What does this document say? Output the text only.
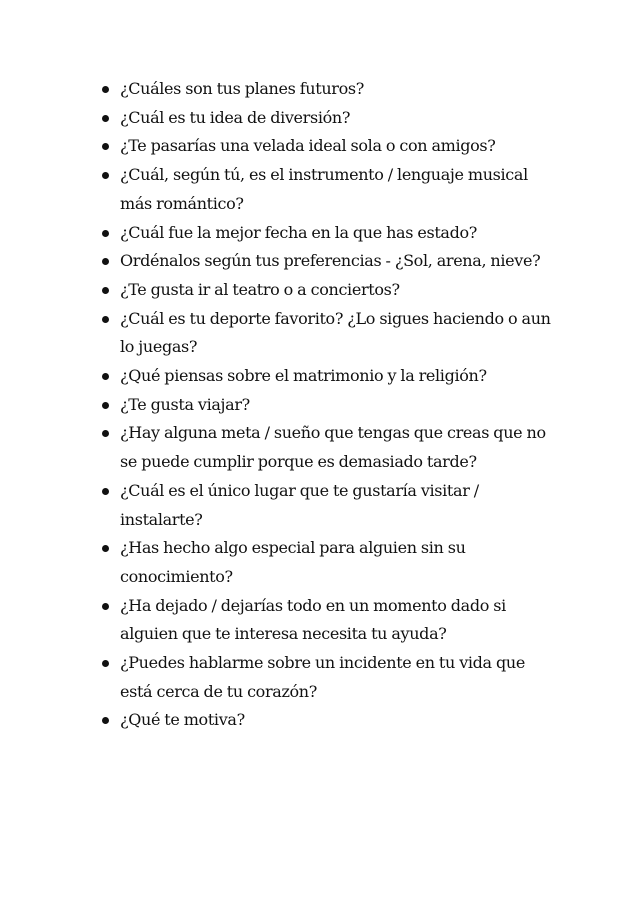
¿Cuáles son tus planes futuros?
¿Cuál es tu idea de diversión?
¿Te pasarías una velada ideal sola o con amigos?
¿Cuál, según tú, es el instrumento / lenguaje musical más romántico?
¿Cuál fue la mejor fecha en la que has estado?
Ordénalos según tus preferencias - ¿Sol, arena, nieve?
¿Te gusta ir al teatro o a conciertos?
¿Cuál es tu deporte favorito? ¿Lo sigues haciendo o aun lo juegas?
¿Qué piensas sobre el matrimonio y la religión?
¿Te gusta viajar?
¿Hay alguna meta / sueño que tengas que creas que no se puede cumplir porque es demasiado tarde?
¿Cuál es el único lugar que te gustaría visitar / instalarte?
¿Has hecho algo especial para alguien sin su conocimiento?
¿Ha dejado / dejarías todo en un momento dado si alguien que te interesa necesita tu ayuda?
¿Puedes hablarme sobre un incidente en tu vida que está cerca de tu corazón?
¿Qué te motiva?
